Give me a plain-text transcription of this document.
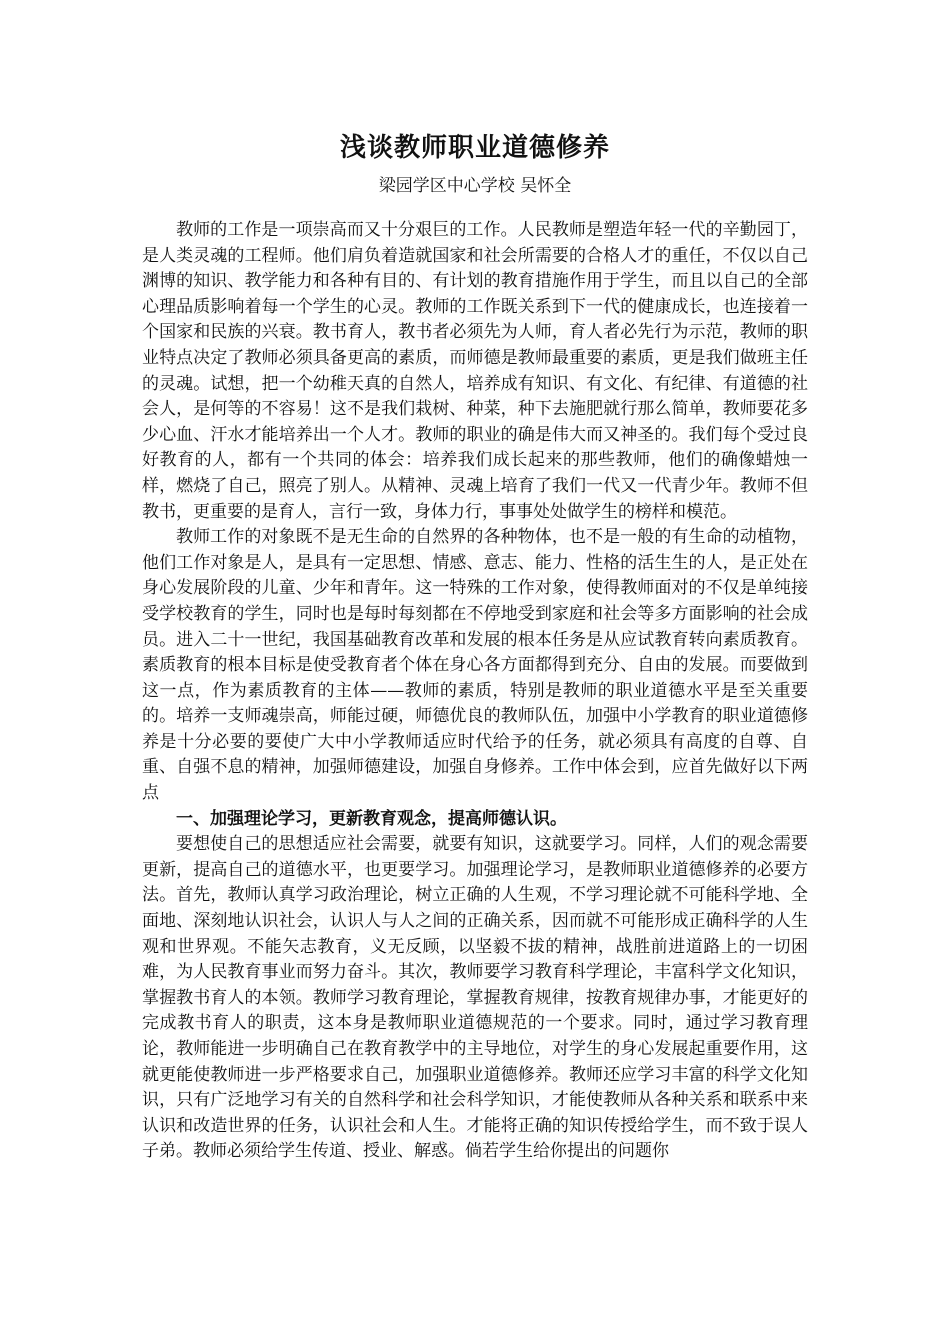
浅谈教师职业道德修养
梁园学区中心学校 吴怀全

教师的工作是一项崇高而又十分艰巨的工作。人民教师是塑造年轻一代的辛勤园丁，是人类灵魂的工程师。他们肩负着造就国家和社会所需要的合格人才的重任，不仅以自己渊博的知识、教学能力和各种有目的、有计划的教育措施作用于学生，而且以自己的全部心理品质影响着每一个学生的心灵。教师的工作既关系到下一代的健康成长，也连接着一个国家和民族的兴衰。教书育人，教书者必须先为人师，育人者必先行为示范，教师的职业特点决定了教师必须具备更高的素质，而师德是教师最重要的素质，更是我们做班主任的灵魂。试想，把一个幼稚天真的自然人，培养成有知识、有文化、有纪律、有道德的社会人，是何等的不容易！这不是我们栽树、种菜，种下去施肥就行那么简单，教师要花多少心血、汗水才能培养出一个人才。教师的职业的确是伟大而又神圣的。我们每个受过良好教育的人，都有一个共同的体会：培养我们成长起来的那些教师，他们的确像蜡烛一样，燃烧了自己，照亮了别人。从精神、灵魂上培育了我们一代又一代青少年。教师不但教书，更重要的是育人，言行一致，身体力行，事事处处做学生的榜样和模范。

教师工作的对象既不是无生命的自然界的各种物体，也不是一般的有生命的动植物，他们工作对象是人，是具有一定思想、情感、意志、能力、性格的活生生的人，是正处在身心发展阶段的儿童、少年和青年。这一特殊的工作对象，使得教师面对的不仅是单纯接受学校教育的学生，同时也是每时每刻都在不停地受到家庭和社会等多方面影响的社会成员。进入二十一世纪，我国基础教育改革和发展的根本任务是从应试教育转向素质教育。素质教育的根本目标是使受教育者个体在身心各方面都得到充分、自由的发展。而要做到这一点，作为素质教育的主体——教师的素质，特别是教师的职业道德水平是至关重要的。培养一支师魂崇高，师能过硬，师德优良的教师队伍，加强中小学教育的职业道德修养是十分必要的要使广大中小学教师适应时代给予的任务，就必须具有高度的自尊、自重、自强不息的精神，加强师德建设，加强自身修养。工作中体会到，应首先做好以下两点

一、加强理论学习，更新教育观念，提高师德认识。

要想使自己的思想适应社会需要，就要有知识，这就要学习。同样，人们的观念需要更新，提高自己的道德水平，也更要学习。加强理论学习，是教师职业道德修养的必要方法。首先，教师认真学习政治理论，树立正确的人生观，不学习理论就不可能科学地、全面地、深刻地认识社会，认识人与人之间的正确关系，因而就不可能形成正确科学的人生观和世界观。不能矢志教育，义无反顾，以坚毅不拔的精神，战胜前进道路上的一切困难，为人民教育事业而努力奋斗。其次，教师要学习教育科学理论，丰富科学文化知识，掌握教书育人的本领。教师学习教育理论，掌握教育规律，按教育规律办事，才能更好的完成教书育人的职责，这本身是教师职业道德规范的一个要求。同时，通过学习教育理论，教师能进一步明确自己在教育教学中的主导地位，对学生的身心发展起重要作用，这就更能使教师进一步严格要求自己，加强职业道德修养。教师还应学习丰富的科学文化知识，只有广泛地学习有关的自然科学和社会科学知识，才能使教师从各种关系和联系中来认识和改造世界的任务，认识社会和人生。才能将正确的知识传授给学生，而不致于误人子弟。教师必须给学生传道、授业、解惑。倘若学生给你提出的问题你
